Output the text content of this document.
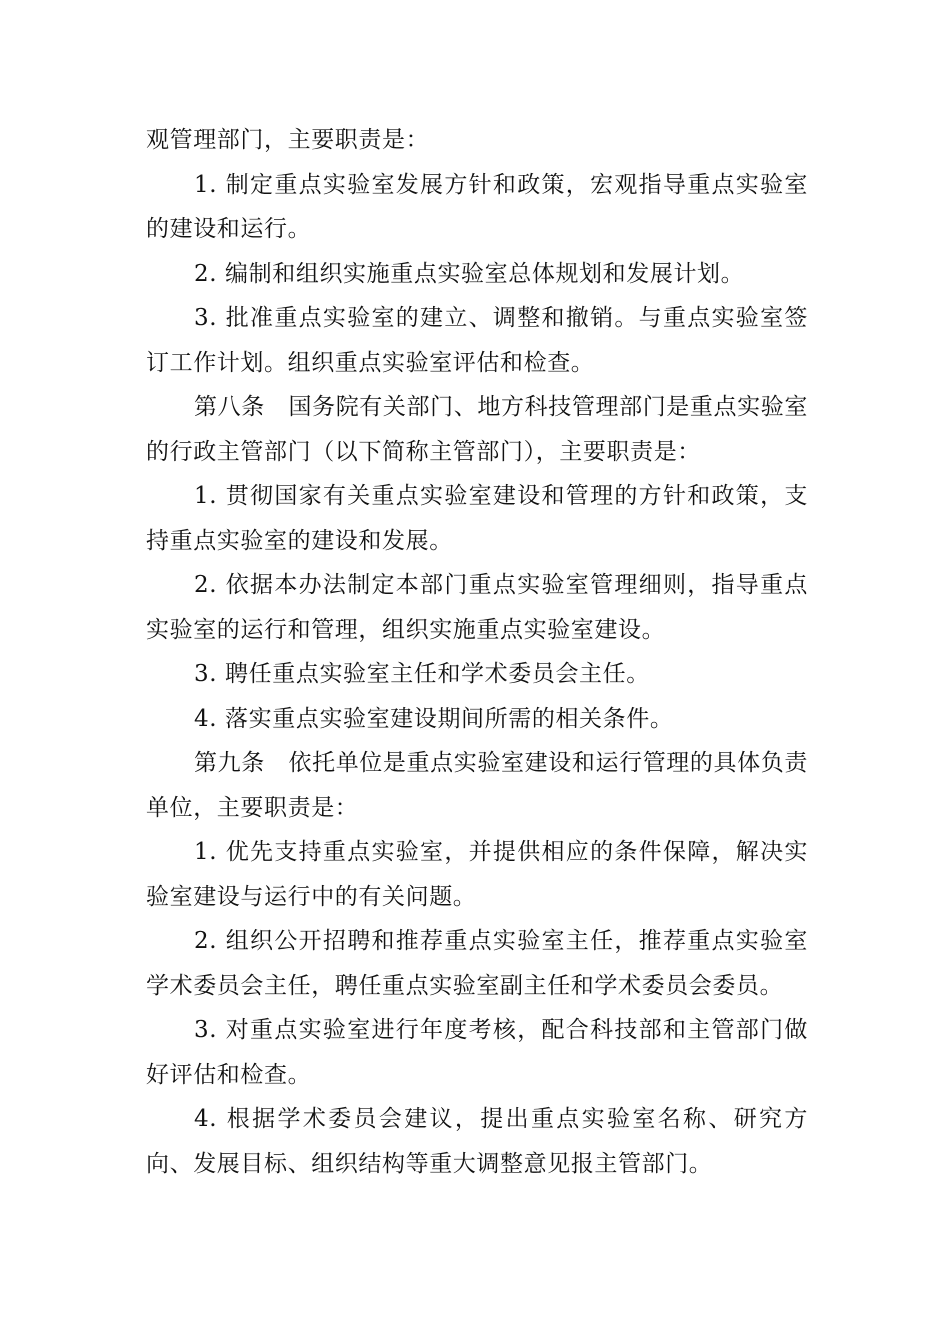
观管理部门，主要职责是：

1. 制定重点实验室发展方针和政策，宏观指导重点实验室的建设和运行。

2. 编制和组织实施重点实验室总体规划和发展计划。

3. 批准重点实验室的建立、调整和撤销。与重点实验室签订工作计划。组织重点实验室评估和检查。

第八条　国务院有关部门、地方科技管理部门是重点实验室的行政主管部门（以下简称主管部门），主要职责是：

1. 贯彻国家有关重点实验室建设和管理的方针和政策，支持重点实验室的建设和发展。

2. 依据本办法制定本部门重点实验室管理细则，指导重点实验室的运行和管理，组织实施重点实验室建设。

3. 聘任重点实验室主任和学术委员会主任。

4. 落实重点实验室建设期间所需的相关条件。

第九条　依托单位是重点实验室建设和运行管理的具体负责单位，主要职责是：

1. 优先支持重点实验室，并提供相应的条件保障，解决实验室建设与运行中的有关问题。

2. 组织公开招聘和推荐重点实验室主任，推荐重点实验室学术委员会主任，聘任重点实验室副主任和学术委员会委员。

3. 对重点实验室进行年度考核，配合科技部和主管部门做好评估和检查。

4. 根据学术委员会建议，提出重点实验室名称、研究方向、发展目标、组织结构等重大调整意见报主管部门。
